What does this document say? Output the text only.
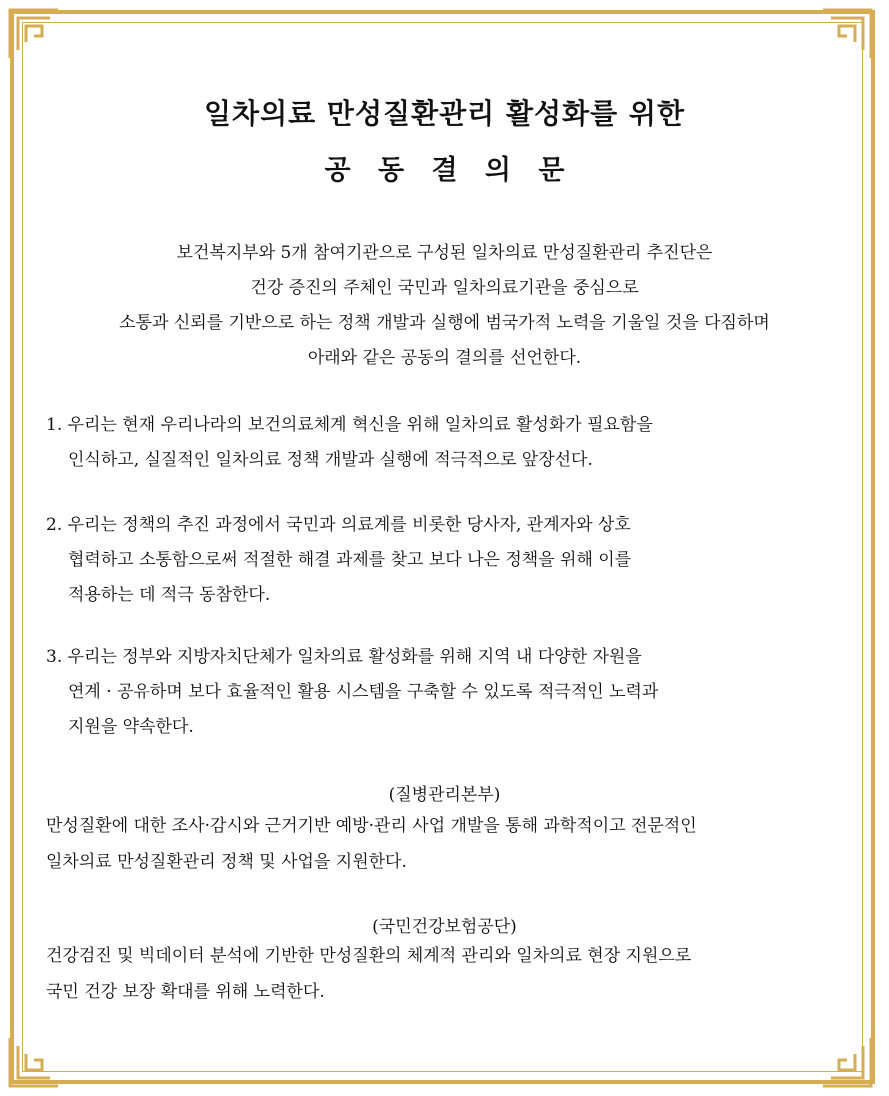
일차의료 만성질환관리 활성화를 위한
공 동 결 의 문
보건복지부와 5개 참여기관으로 구성된 일차의료 만성질환관리 추진단은
건강 증진의 주체인 국민과 일차의료기관을 중심으로
소통과 신뢰를 기반으로 하는 정책 개발과 실행에 범국가적 노력을 기울일 것을 다짐하며
아래와 같은 공동의 결의를 선언한다.
1. 우리는 현재 우리나라의 보건의료체계 혁신을 위해 일차의료 활성화가 필요함을
인식하고, 실질적인 일차의료 정책 개발과 실행에 적극적으로 앞장선다.
2. 우리는 정책의 추진 과정에서 국민과 의료계를 비롯한 당사자, 관계자와 상호
협력하고 소통함으로써 적절한 해결 과제를 찾고 보다 나은 정책을 위해 이를
적용하는 데 적극 동참한다.
3. 우리는 정부와 지방자치단체가 일차의료 활성화를 위해 지역 내 다양한 자원을
연계 · 공유하며 보다 효율적인 활용 시스템을 구축할 수 있도록 적극적인 노력과
지원을 약속한다.
(질병관리본부)
만성질환에 대한 조사·감시와 근거기반 예방·관리 사업 개발을 통해 과학적이고 전문적인
일차의료 만성질환관리 정책 및 사업을 지원한다.
(국민건강보험공단)
건강검진 및 빅데이터 분석에 기반한 만성질환의 체계적 관리와 일차의료 현장 지원으로
국민 건강 보장 확대를 위해 노력한다.
